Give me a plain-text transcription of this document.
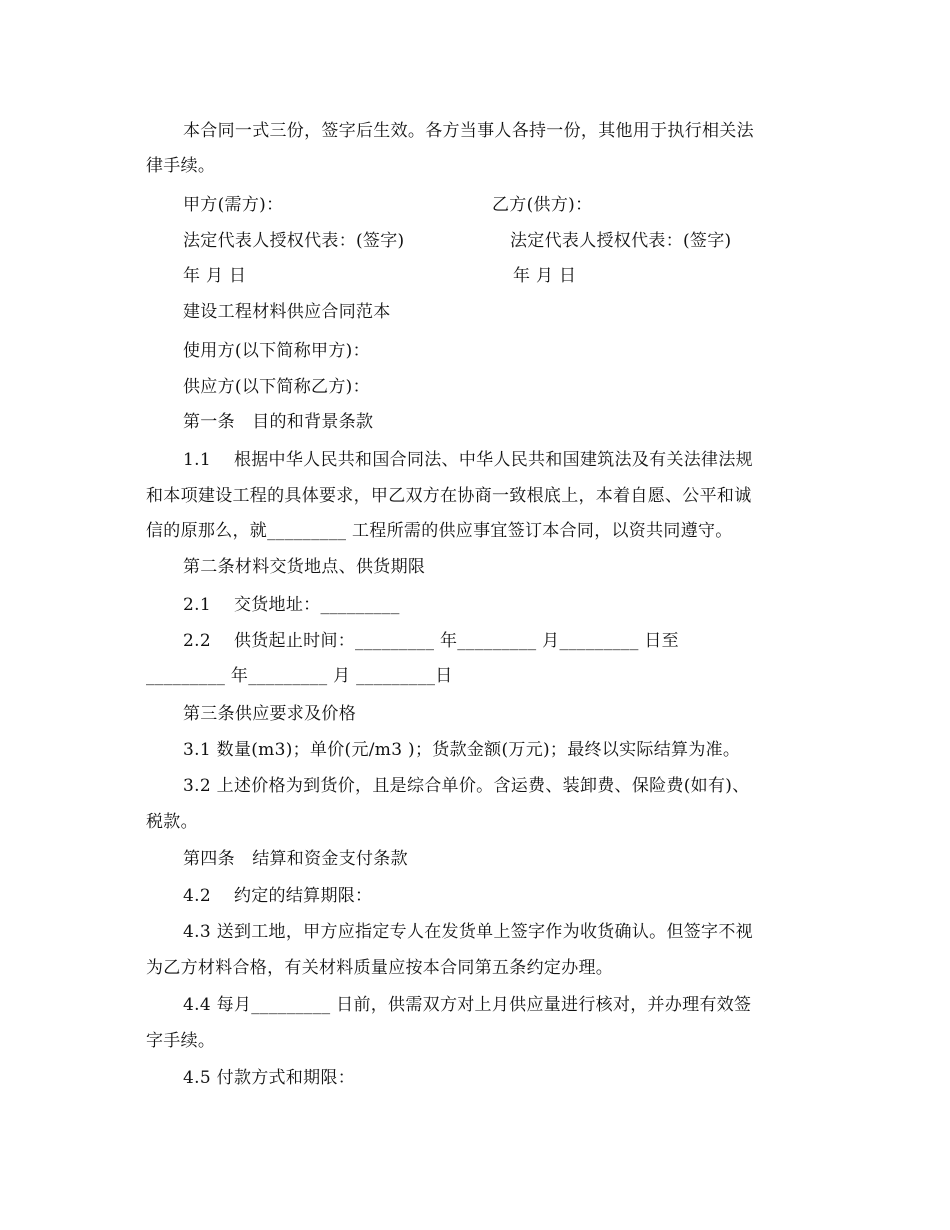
本合同一式三份，签字后生效。各方当事人各持一份，其他用于执行相关法
律手续。
甲方(需方)：	乙方(供方)：
法定代表人授权代表：(签字)	法定代表人授权代表：(签字)
年 月 日	年 月 日
建设工程材料供应合同范本
使用方(以下简称甲方)：
供应方(以下简称乙方)：
第一条　目的和背景条款
1.1　 根据中华人民共和国合同法、中华人民共和国建筑法及有关法律法规
和本项建设工程的具体要求，甲乙双方在协商一致根底上，本着自愿、公平和诚
信的原那么，就_________ 工程所需的供应事宜签订本合同，以资共同遵守。
第二条材料交货地点、供货期限
2.1　 交货地址：_________
2.2　 供货起止时间：_________ 年_________ 月_________ 日至
_________ 年_________ 月 _________日
第三条供应要求及价格
3.1 数量(m3)；单价(元/m3 )；货款金额(万元)；最终以实际结算为准。
3.2 上述价格为到货价，且是综合单价。含运费、装卸费、保险费(如有)、
税款。
第四条　结算和资金支付条款
4.2　 约定的结算期限：
4.3 送到工地，甲方应指定专人在发货单上签字作为收货确认。但签字不视
为乙方材料合格，有关材料质量应按本合同第五条约定办理。
4.4 每月_________ 日前，供需双方对上月供应量进行核对，并办理有效签
字手续。
4.5 付款方式和期限：
